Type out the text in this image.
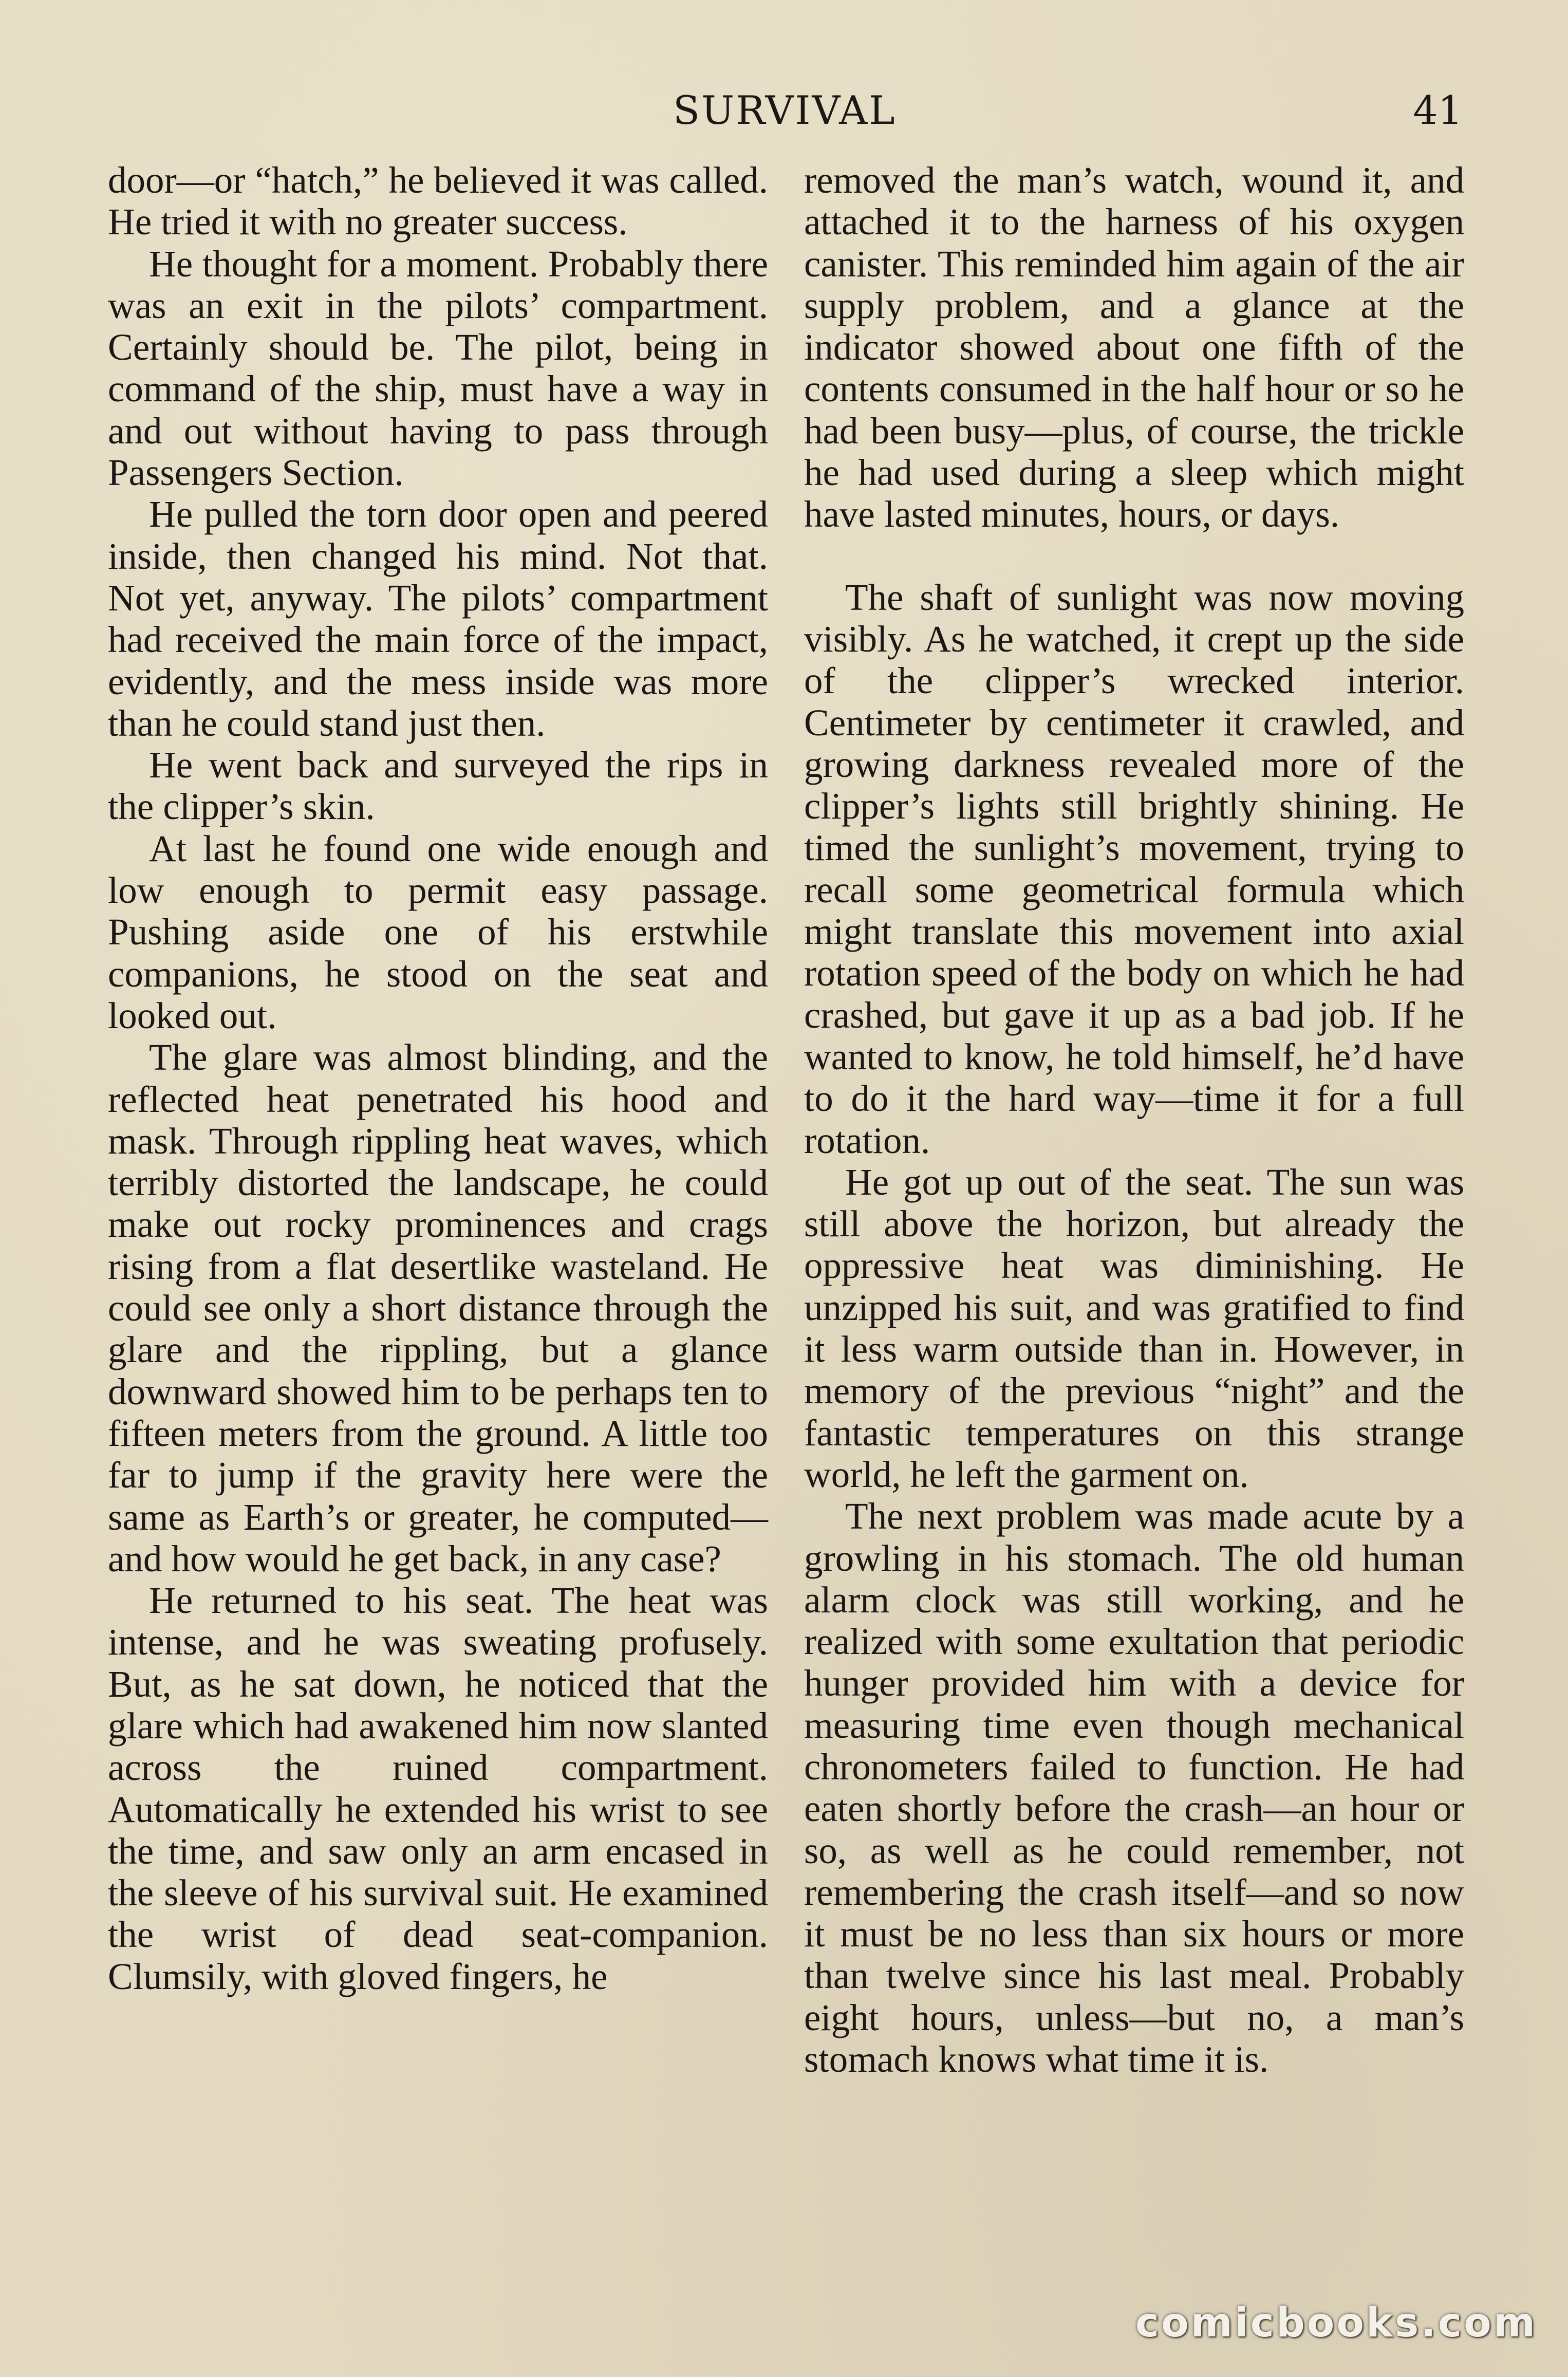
SURVIVAL	41

door—or “hatch,” he believed it was called. He tried it with no greater success.

He thought for a moment. Probably there was an exit in the pilots’ compartment. Certainly should be. The pilot, being in command of the ship, must have a way in and out without having to pass through Passengers Section.

He pulled the torn door open and peered inside, then changed his mind. Not that. Not yet, anyway. The pilots’ compartment had received the main force of the impact, evidently, and the mess inside was more than he could stand just then.

He went back and surveyed the rips in the clipper’s skin.

At last he found one wide enough and low enough to permit easy passage. Pushing aside one of his erstwhile companions, he stood on the seat and looked out.

The glare was almost blinding, and the reflected heat penetrated his hood and mask. Through rippling heat waves, which terribly distorted the landscape, he could make out rocky prominences and crags rising from a flat desertlike wasteland. He could see only a short distance through the glare and the rippling, but a glance downward showed him to be perhaps ten to fifteen meters from the ground. A little too far to jump if the gravity here were the same as Earth’s or greater, he computed—and how would he get back, in any case?

He returned to his seat. The heat was intense, and he was sweating profusely. But, as he sat down, he noticed that the glare which had awakened him now slanted across the ruined compartment. Automatically he extended his wrist to see the time, and saw only an arm encased in the sleeve of his survival suit. He examined the wrist of dead seat-companion. Clumsily, with gloved fingers, he

removed the man’s watch, wound it, and attached it to the harness of his oxygen canister. This reminded him again of the air supply problem, and a glance at the indicator showed about one fifth of the contents consumed in the half hour or so he had been busy—plus, of course, the trickle he had used during a sleep which might have lasted minutes, hours, or days.

The shaft of sunlight was now moving visibly. As he watched, it crept up the side of the clipper’s wrecked interior. Centimeter by centimeter it crawled, and growing darkness revealed more of the clipper’s lights still brightly shining. He timed the sunlight’s movement, trying to recall some geometrical formula which might translate this movement into axial rotation speed of the body on which he had crashed, but gave it up as a bad job. If he wanted to know, he told himself, he’d have to do it the hard way—time it for a full rotation.

He got up out of the seat. The sun was still above the horizon, but already the oppressive heat was diminishing. He unzipped his suit, and was gratified to find it less warm outside than in. However, in memory of the previous “night” and the fantastic temperatures on this strange world, he left the garment on.

The next problem was made acute by a growling in his stomach. The old human alarm clock was still working, and he realized with some exultation that periodic hunger provided him with a device for measuring time even though mechanical chronometers failed to function. He had eaten shortly before the crash—an hour or so, as well as he could remember, not remembering the crash itself—and so now it must be no less than six hours or more than twelve since his last meal. Probably eight hours, unless—but no, a man’s stomach knows what time it is.

comicbooks.com
